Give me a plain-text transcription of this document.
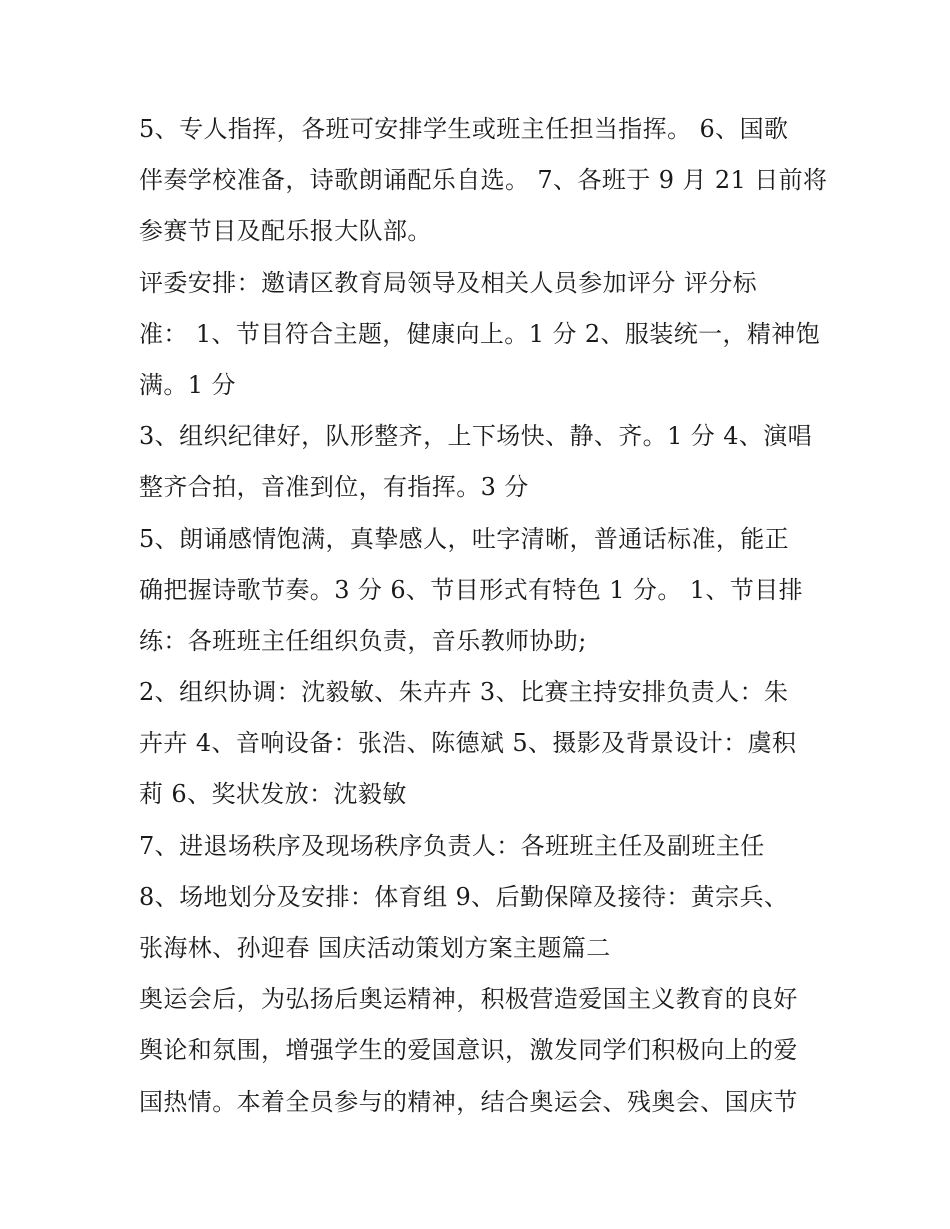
5、专人指挥，各班可安排学生或班主任担当指挥。 6、国歌
伴奏学校准备，诗歌朗诵配乐自选。 7、各班于 9 月 21 日前将
参赛节目及配乐报大队部。
评委安排：邀请区教育局领导及相关人员参加评分 评分标
准： 1、节目符合主题，健康向上。1 分 2、服装统一，精神饱
满。1 分
3、组织纪律好，队形整齐，上下场快、静、齐。1 分 4、演唱
整齐合拍，音准到位，有指挥。3 分
5、朗诵感情饱满，真挚感人，吐字清晰，普通话标准，能正
确把握诗歌节奏。3 分 6、节目形式有特色 1 分。 1、节目排
练：各班班主任组织负责，音乐教师协助;
2、组织协调：沈毅敏、朱卉卉 3、比赛主持安排负责人：朱
卉卉 4、音响设备：张浩、陈德斌 5、摄影及背景设计：虞积
莉 6、奖状发放：沈毅敏
7、进退场秩序及现场秩序负责人：各班班主任及副班主任
8、场地划分及安排：体育组 9、后勤保障及接待：黄宗兵、
张海林、孙迎春 国庆活动策划方案主题篇二
奥运会后，为弘扬后奥运精神，积极营造爱国主义教育的良好
舆论和氛围，增强学生的爱国意识，激发同学们积极向上的爱
国热情。本着全员参与的精神，结合奥运会、残奥会、国庆节
